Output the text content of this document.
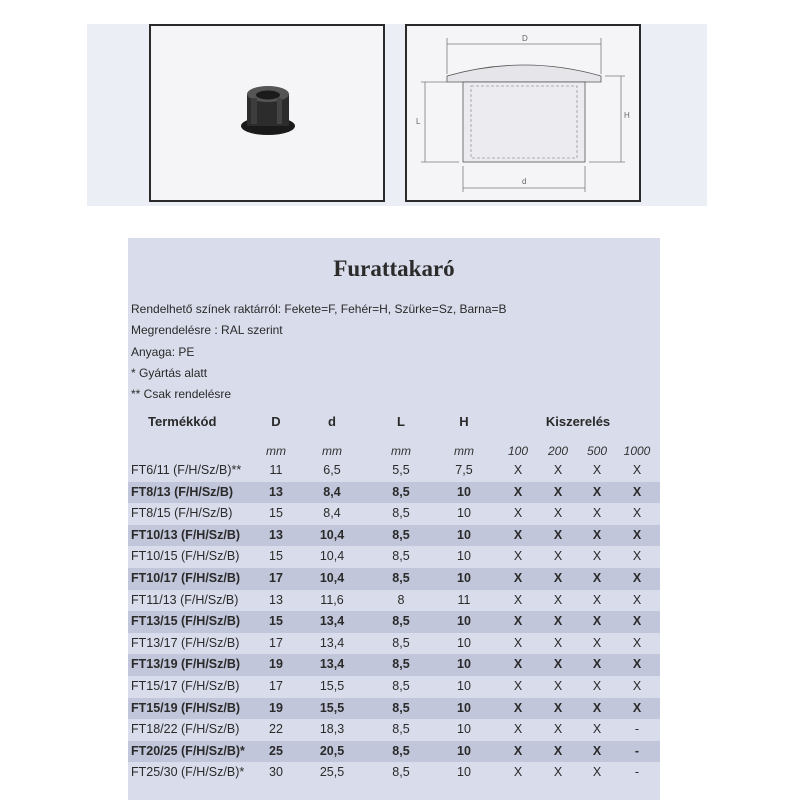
D
d
L
H
Furattakaró
Rendelhető színek raktárról: Fekete=F, Fehér=H, Szürke=Sz, Barna=B
Megrendelésre : RAL szerint
Anyaga: PE
* Gyártás alatt
** Csak rendelésre
Termékkód	D	d	L	H	Kiszerelés
mm	mm	mm	mm	100 200 500 1000
FT6/11 (F/H/Sz/B)** 11	6,5	5,5	7,5	X	X X	X
FT8/13 (F/H/Sz/B)	13	8,4	8,5	10	X	X X	X
FT8/15 (F/H/Sz/B)	15	8,4	8,5	10	X	X X	X
FT10/13 (F/H/Sz/B) 13	10,4	8,5	10	X	X X	X
FT10/15 (F/H/Sz/B) 15	10,4	8,5	10	X	X X	X
FT10/17 (F/H/Sz/B) 17	10,4	8,5	10	X	X X	X
FT11/13 (F/H/Sz/B) 13	11,6	8	11	X	X X	X
FT13/15 (F/H/Sz/B) 15	13,4	8,5	10	X	X X	X
FT13/17 (F/H/Sz/B) 17	13,4	8,5	10	X	X X	X
FT13/19 (F/H/Sz/B) 19	13,4	8,5	10	X	X X	X
FT15/17 (F/H/Sz/B) 17	15,5	8,5	10	X	X X	X
FT15/19 (F/H/Sz/B) 19	15,5	8,5	10	X	X X	X
FT18/22 (F/H/Sz/B) 22	18,3	8,5	10	X	X X	-
FT20/25 (F/H/Sz/B)* 25	20,5	8,5	10	X	X X	-
FT25/30 (F/H/Sz/B)* 30	25,5	8,5	10	X	X X	-
